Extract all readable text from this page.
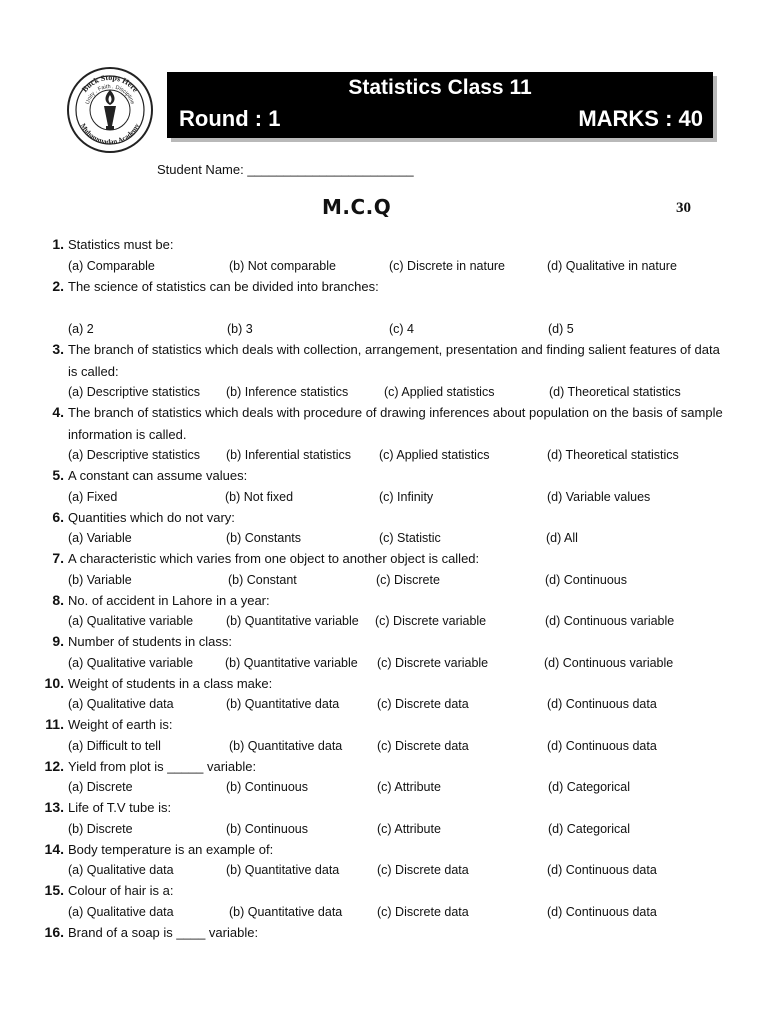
Buck Stops Here
Unity . Faith . Discipline
Muhammadan Academy
Statistics Class 11
Round : 1	MARKS : 40
Student Name: _______________________
M.C.Q	30
1. Statistics must be:
(a) Comparable	(b) Not comparable	(c) Discrete in nature	(d) Qualitative in nature
2. The science of statistics can be divided into branches:
(a) 2	(b) 3	(c) 4	(d) 5
3. The branch of statistics which deals with collection, arrangement, presentation and finding salient features of data is called:
(a) Descriptive statistics (b) Inference statistics	(c) Applied statistics	(d) Theoretical statistics
4. The branch of statistics which deals with procedure of drawing inferences about population on the basis of sample information is called.
(a) Descriptive statistics (b) Inferential statistics (c) Applied statistics	(d) Theoretical statistics
5. A constant can assume values:
(a) Fixed	(b) Not fixed	(c) Infinity	(d) Variable values
6. Quantities which do not vary:
(a) Variable	(b) Constants	(c) Statistic	(d) All
7. A characteristic which varies from one object to another object is called:
(b) Variable	(b) Constant	(c) Discrete	(d) Continuous
8. No. of accident in Lahore in a year:
(a) Qualitative variable	(b) Quantitative variable (c) Discrete variable	(d) Continuous variable
9. Number of students in class:
(a) Qualitative variable	(b) Quantitative variable (c) Discrete variable	(d) Continuous variable
10. Weight of students in a class make:
(a) Qualitative data	(b) Quantitative data	(c) Discrete data	(d) Continuous data
11. Weight of earth is:
(a) Difficult to tell	(b) Quantitative data	(c) Discrete data	(d) Continuous data
12. Yield from plot is _____ variable:
(a) Discrete	(b) Continuous	(c) Attribute	(d) Categorical
13. Life of T.V tube is:
(b) Discrete	(b) Continuous	(c) Attribute	(d) Categorical
14. Body temperature is an example of:
(a) Qualitative data	(b) Quantitative data	(c) Discrete data	(d) Continuous data
15. Colour of hair is a:
(a) Qualitative data	(b) Quantitative data	(c) Discrete data	(d) Continuous data
16. Brand of a soap is ____ variable:
